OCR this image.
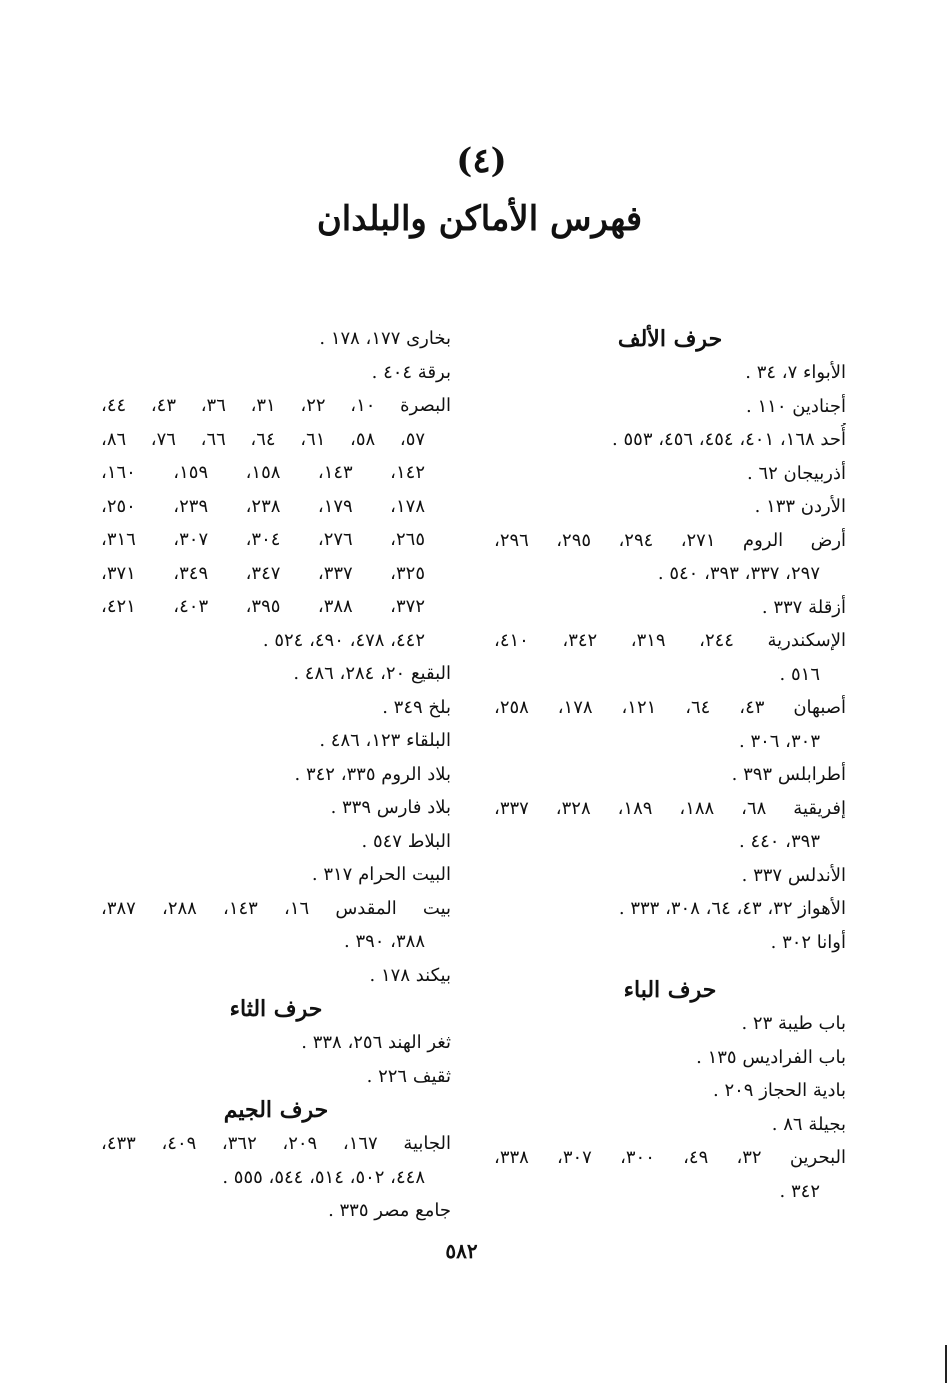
(٤)
فهرس الأماكن والبلدان
حرف الألف
الأبواء ٧، ٣٤ .
أجنادين ١١٠ .
أُحد ١٦٨، ٤٠١، ٤٥٤، ٤٥٦، ٥٥٣ .
أذربيجان ٦٢ .
الأردن ١٣٣ .
أرض الروم ٢٧١، ٢٩٤، ٢٩٥، ٢٩٦،
٢٩٧، ٣٣٧، ٣٩٣، ٥٤٠ .
أزقلة ٣٣٧ .
الإسكندرية ٢٤٤، ٣١٩، ٣٤٢، ٤١٠،
٥١٦ .
أصبهان ٤٣، ٦٤، ١٢١، ١٧٨، ٢٥٨،
٣٠٣، ٣٠٦ .
أطرابلس ٣٩٣ .
إفريقية ٦٨، ١٨٨، ١٨٩، ٣٢٨، ٣٣٧،
٣٩٣، ٤٤٠ .
الأندلس ٣٣٧ .
الأهواز ٣٢، ٤٣، ٦٤، ٣٠٨، ٣٣٣ .
أوانا ٣٠٢ .
حرف الباء
باب طيبة ٢٣ .
باب الفراديس ١٣٥ .
بادية الحجاز ٢٠٩ .
بجيلة ٨٦ .
البحرين ٣٢، ٤٩، ٣٠٠، ٣٠٧، ٣٣٨،
٣٤٢ .
بخارى ١٧٧، ١٧٨ .
برقة ٤٠٤ .
البصرة ١٠، ٢٢، ٣١، ٣٦، ٤٣، ٤٤،
٥٧، ٥٨، ٦١، ٦٤، ٦٦، ٧٦، ٨٦،
١٤٢، ١٤٣، ١٥٨، ١٥٩، ١٦٠،
١٧٨، ١٧٩، ٢٣٨، ٢٣٩، ٢٥٠،
٢٦٥، ٢٧٦، ٣٠٤، ٣٠٧، ٣١٦،
٣٢٥، ٣٣٧، ٣٤٧، ٣٤٩، ٣٧١،
٣٧٢، ٣٨٨، ٣٩٥، ٤٠٣، ٤٢١،
٤٤٢، ٤٧٨، ٤٩٠، ٥٢٤ .
البقيع ٢٠، ٢٨٤، ٤٨٦ .
بلخ ٣٤٩ .
البلقاء ١٢٣، ٤٨٦ .
بلاد الروم ٣٣٥، ٣٤٢ .
بلاد فارس ٣٣٩ .
البلاط ٥٤٧ .
البيت الحرام ٣١٧ .
بيت المقدس ١٦، ١٤٣، ٢٨٨، ٣٨٧،
٣٨٨، ٣٩٠ .
بيكند ١٧٨ .
حرف الثاء
ثغر الهند ٢٥٦، ٣٣٨ .
ثقيف ٢٢٦ .
حرف الجيم
الجابية ١٦٧، ٢٠٩، ٣٦٢، ٤٠٩، ٤٣٣،
٤٤٨، ٥٠٢، ٥١٤، ٥٤٤، ٥٥٥ .
جامع مصر ٣٣٥ .
٥٨٢
